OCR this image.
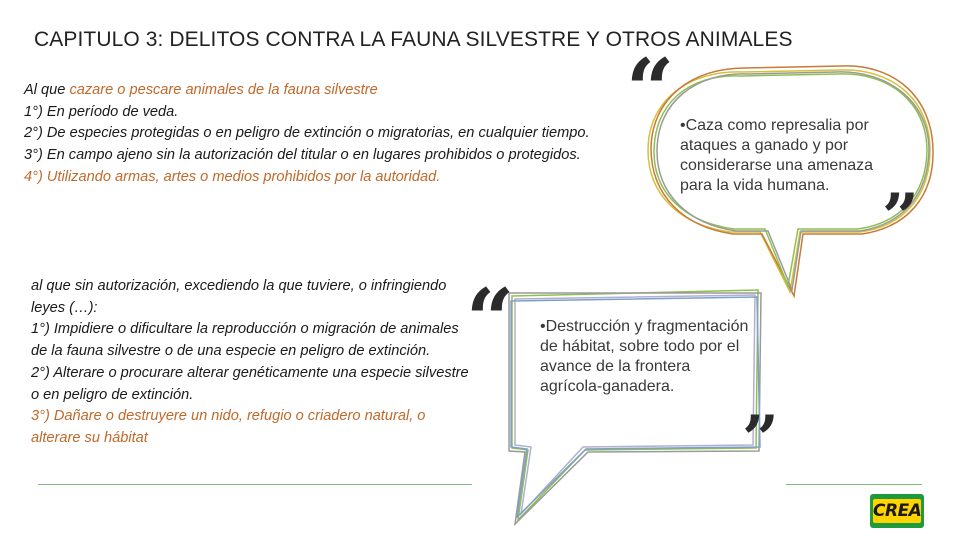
CAPITULO 3: DELITOS CONTRA LA FAUNA SILVESTRE Y OTROS ANIMALES
Al que cazare o pescare animales de la fauna silvestre
1°) En período de veda.
2°) De especies protegidas o en peligro de extinción o migratorias, en cualquier tiempo.
3°) En campo ajeno sin la autorización del titular o en lugares prohibidos o protegidos.
4°) Utilizando armas, artes o medios prohibidos por la autoridad.
al que sin autorización, excediendo la que tuviere, o infringiendo leyes (…):
1°) Impidiere o dificultare la reproducción o migración de animales de la fauna silvestre o de una especie en peligro de extinción.
2°) Alterare o procurare alterar genéticamente una especie silvestre o en peligro de extinción.
3°) Dañare o destruyere un nido, refugio o criadero natural, o alterare su hábitat
“
”
•Caza como represalia por ataques a ganado y por considerarse una amenaza para la vida humana.
“
”
•Destrucción y fragmentación de hábitat, sobre todo por el avance de la frontera agrícola-ganadera.
CREA
